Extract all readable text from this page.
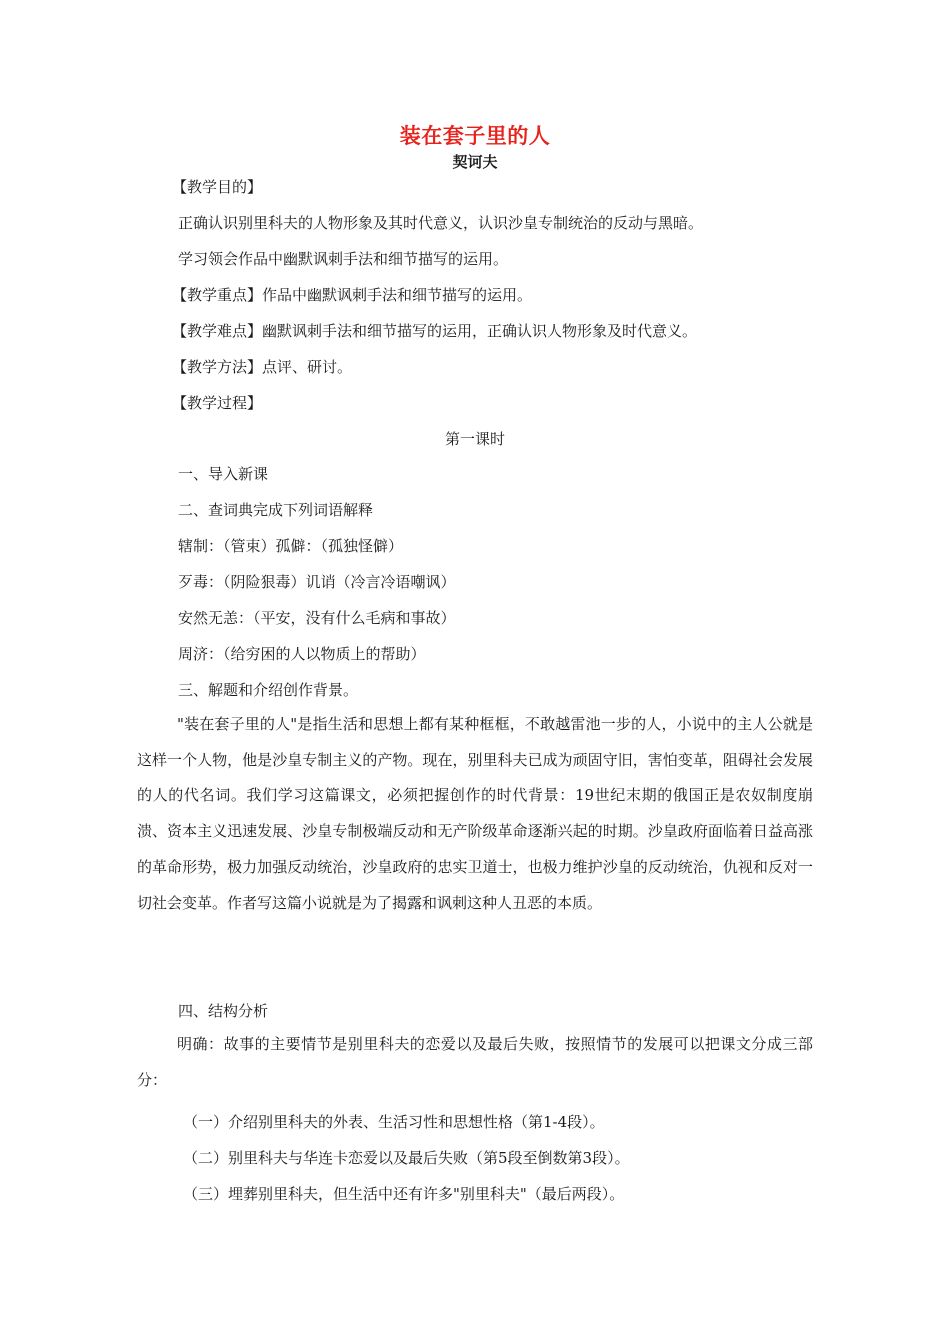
装在套子里的人
契诃夫
【教学目的】
正确认识别里科夫的人物形象及其时代意义，认识沙皇专制统治的反动与黑暗。
学习领会作品中幽默讽刺手法和细节描写的运用。
【教学重点】作品中幽默讽刺手法和细节描写的运用。
【教学难点】幽默讽刺手法和细节描写的运用，正确认识人物形象及时代意义。
【教学方法】点评、研讨。
【教学过程】
第一课时
一、导入新课
二、查词典完成下列词语解释
辖制：（管束）孤僻：（孤独怪僻）
歹毒：（阴险狠毒）讥诮（冷言冷语嘲讽）
安然无恙：（平安，没有什么毛病和事故）
周济：（给穷困的人以物质上的帮助）
三、解题和介绍创作背景。
"装在套子里的人"是指生活和思想上都有某种框框，不敢越雷池一步的人，小说中的主人公就是这样一个人物，他是沙皇专制主义的产物。现在，别里科夫已成为顽固守旧，害怕变革，阻碍社会发展的人的代名词。我们学习这篇课文，必须把握创作的时代背景：19世纪末期的俄国正是农奴制度崩溃、资本主义迅速发展、沙皇专制极端反动和无产阶级革命逐渐兴起的时期。沙皇政府面临着日益高涨的革命形势，极力加强反动统治，沙皇政府的忠实卫道士，也极力维护沙皇的反动统治，仇视和反对一切社会变革。作者写这篇小说就是为了揭露和讽刺这种人丑恶的本质。
四、结构分析
明确：故事的主要情节是别里科夫的恋爱以及最后失败，按照情节的发展可以把课文分成三部分：
（一）介绍别里科夫的外表、生活习性和思想性格（第1-4段）。
（二）别里科夫与华连卡恋爱以及最后失败（第5段至倒数第3段）。
（三）埋葬别里科夫，但生活中还有许多"别里科夫"（最后两段）。
